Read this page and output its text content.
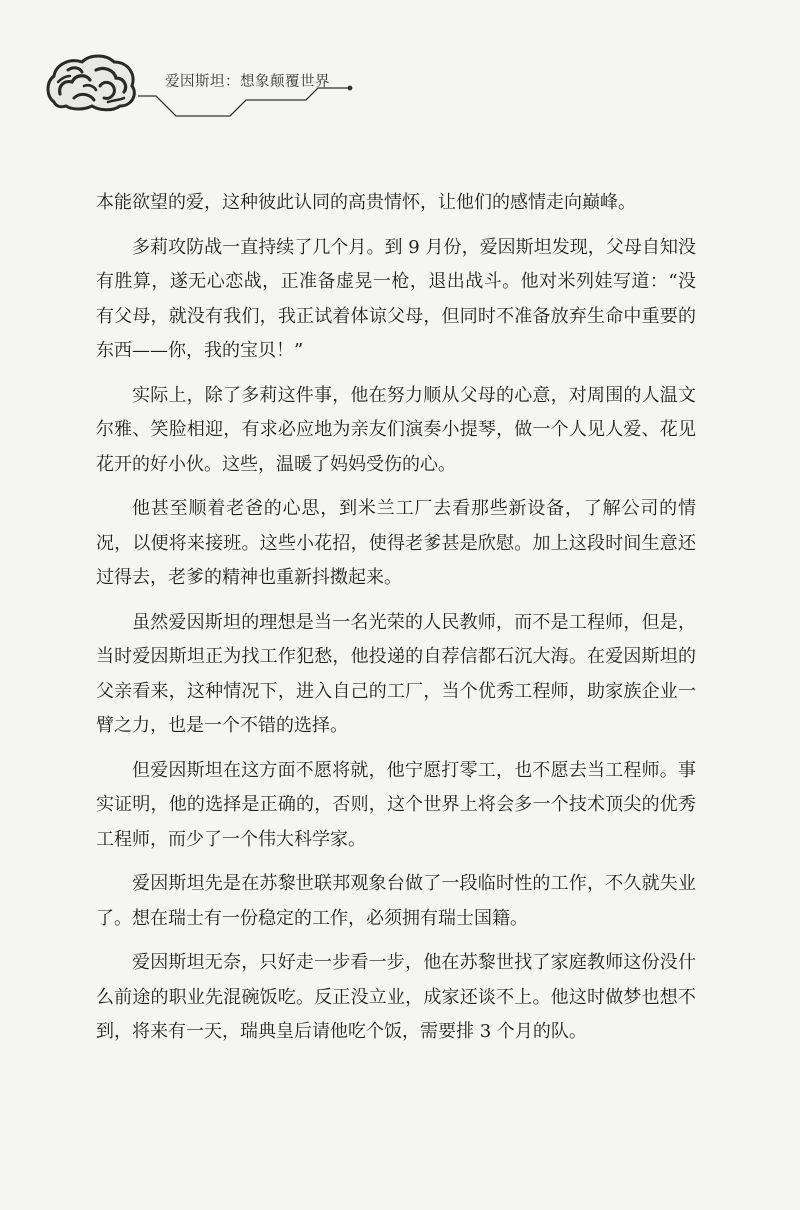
爱因斯坦：想象颠覆世界

本能欲望的爱，这种彼此认同的高贵情怀，让他们的感情走向巅峰。

多莉攻防战一直持续了几个月。到 9 月份，爱因斯坦发现，父母自知没有胜算，遂无心恋战，正准备虚晃一枪，退出战斗。他对米列娃写道：“没有父母，就没有我们，我正试着体谅父母，但同时不准备放弃生命中重要的东西——你，我的宝贝！”

实际上，除了多莉这件事，他在努力顺从父母的心意，对周围的人温文尔雅、笑脸相迎，有求必应地为亲友们演奏小提琴，做一个人见人爱、花见花开的好小伙。这些，温暖了妈妈受伤的心。

他甚至顺着老爸的心思，到米兰工厂去看那些新设备，了解公司的情况，以便将来接班。这些小花招，使得老爹甚是欣慰。加上这段时间生意还过得去，老爹的精神也重新抖擞起来。

虽然爱因斯坦的理想是当一名光荣的人民教师，而不是工程师，但是，当时爱因斯坦正为找工作犯愁，他投递的自荐信都石沉大海。在爱因斯坦的父亲看来，这种情况下，进入自己的工厂，当个优秀工程师，助家族企业一臂之力，也是一个不错的选择。

但爱因斯坦在这方面不愿将就，他宁愿打零工，也不愿去当工程师。事实证明，他的选择是正确的，否则，这个世界上将会多一个技术顶尖的优秀工程师，而少了一个伟大科学家。

爱因斯坦先是在苏黎世联邦观象台做了一段临时性的工作，不久就失业了。想在瑞士有一份稳定的工作，必须拥有瑞士国籍。

爱因斯坦无奈，只好走一步看一步，他在苏黎世找了家庭教师这份没什么前途的职业先混碗饭吃。反正没立业，成家还谈不上。他这时做梦也想不到，将来有一天，瑞典皇后请他吃个饭，需要排 3 个月的队。
